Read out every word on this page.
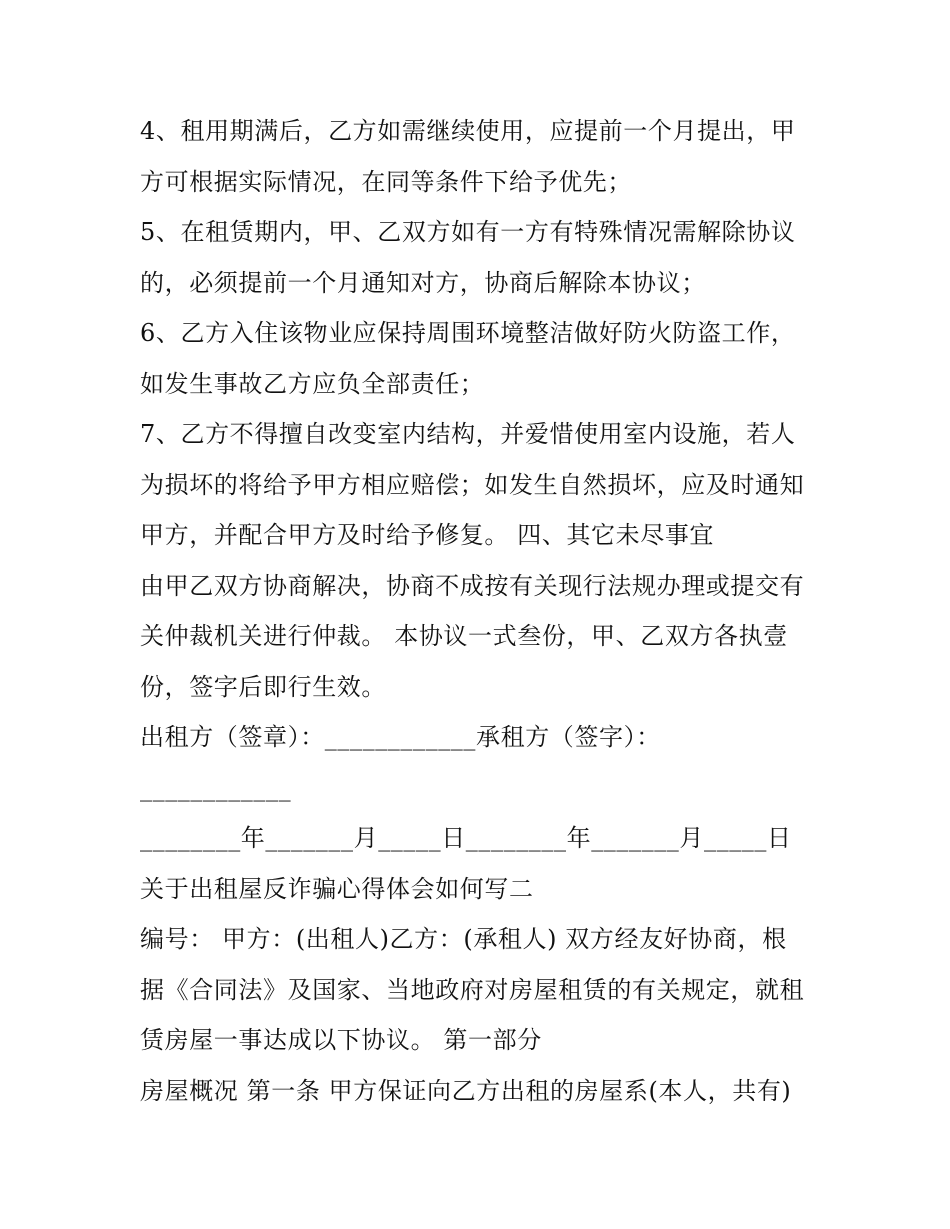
4、租用期满后，乙方如需继续使用，应提前一个月提出，甲
方可根据实际情况，在同等条件下给予优先；
5、在租赁期内，甲、乙双方如有一方有特殊情况需解除协议
的，必须提前一个月通知对方，协商后解除本协议；
6、乙方入住该物业应保持周围环境整洁做好防火防盗工作，
如发生事故乙方应负全部责任；
7、乙方不得擅自改变室内结构，并爱惜使用室内设施，若人
为损坏的将给予甲方相应赔偿；如发生自然损坏，应及时通知
甲方，并配合甲方及时给予修复。 四、其它未尽事宜
由甲乙双方协商解决，协商不成按有关现行法规办理或提交有
关仲裁机关进行仲裁。 本协议一式叁份，甲、乙双方各执壹
份，签字后即行生效。
出租方（签章）：____________承租方（签字）：
____________
________年_______月_____日________年_______月_____日
关于出租屋反诈骗心得体会如何写二
编号： 甲方：(出租人)乙方：(承租人) 双方经友好协商，根
据《合同法》及国家、当地政府对房屋租赁的有关规定，就租
赁房屋一事达成以下协议。 第一部分
房屋概况 第一条 甲方保证向乙方出租的房屋系(本人，共有)
